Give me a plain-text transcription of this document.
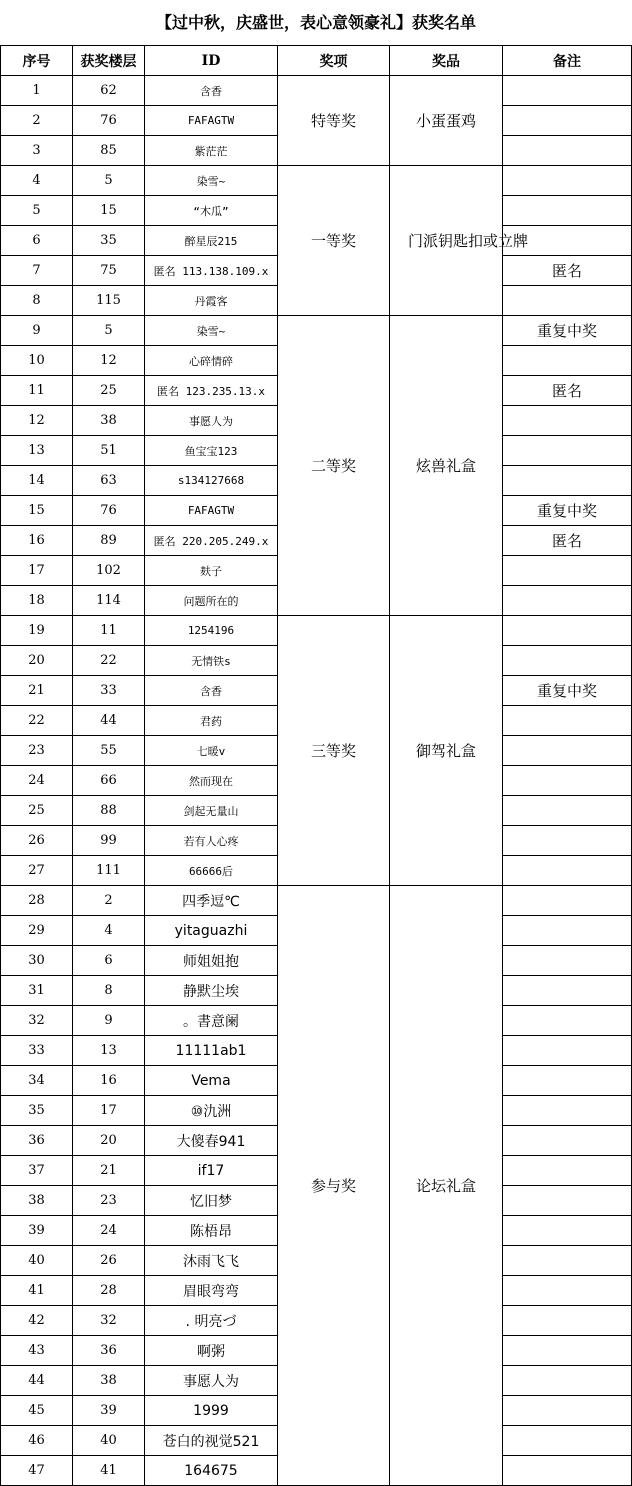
【过中秋，庆盛世，表心意领豪礼】获奖名单
序号	获奖楼层	ID	奖项	奖品	备注
1	62	含香	特等奖	小蛋蛋鸡	
2	76	FAFAGTW			
3	85	紫茫茫			
4	5	染雪~	一等奖	门派钥匙扣或立牌	
5	15	“木瓜”			
6	35	醉星辰215			
7	75	匿名 113.138.109.x			匿名
8	115	丹霞客			
9	5	染雪~	二等奖	炫兽礼盒	重复中奖
10	12	心碎情碎			
11	25	匿名 123.235.13.x			匿名
12	38	事愿人为			
13	51	鱼宝宝123			
14	63	s134127668			
15	76	FAFAGTW			重复中奖
16	89	匿名 220.205.249.x			匿名
17	102	麸子			
18	114	问题所在的			
19	11	1254196	三等奖	御驾礼盒	
20	22	无情铁s			
21	33	含香			重复中奖
22	44	君药			
23	55	七暖v			
24	66	然而现在			
25	88	剑起无量山			
26	99	若有人心疼			
27	111	66666后			
28	2	四季逗℃	参与奖	论坛礼盒	
29	4	yitaguazhi			
30	6	师姐姐抱			
31	8	静默尘埃			
32	9	。書意阑			
33	13	11111ab1			
34	16	Vema			
35	17	⑩氿洲			
36	20	大傻春941			
37	21	if17			
38	23	忆旧梦			
39	24	陈梧昂			
40	26	沐雨飞飞			
41	28	眉眼弯弯			
42	32	. 明亮づ			
43	36	啊粥			
44	38	事愿人为			
45	39	1999			
46	40	苍白的视觉521			
47	41	164675			
